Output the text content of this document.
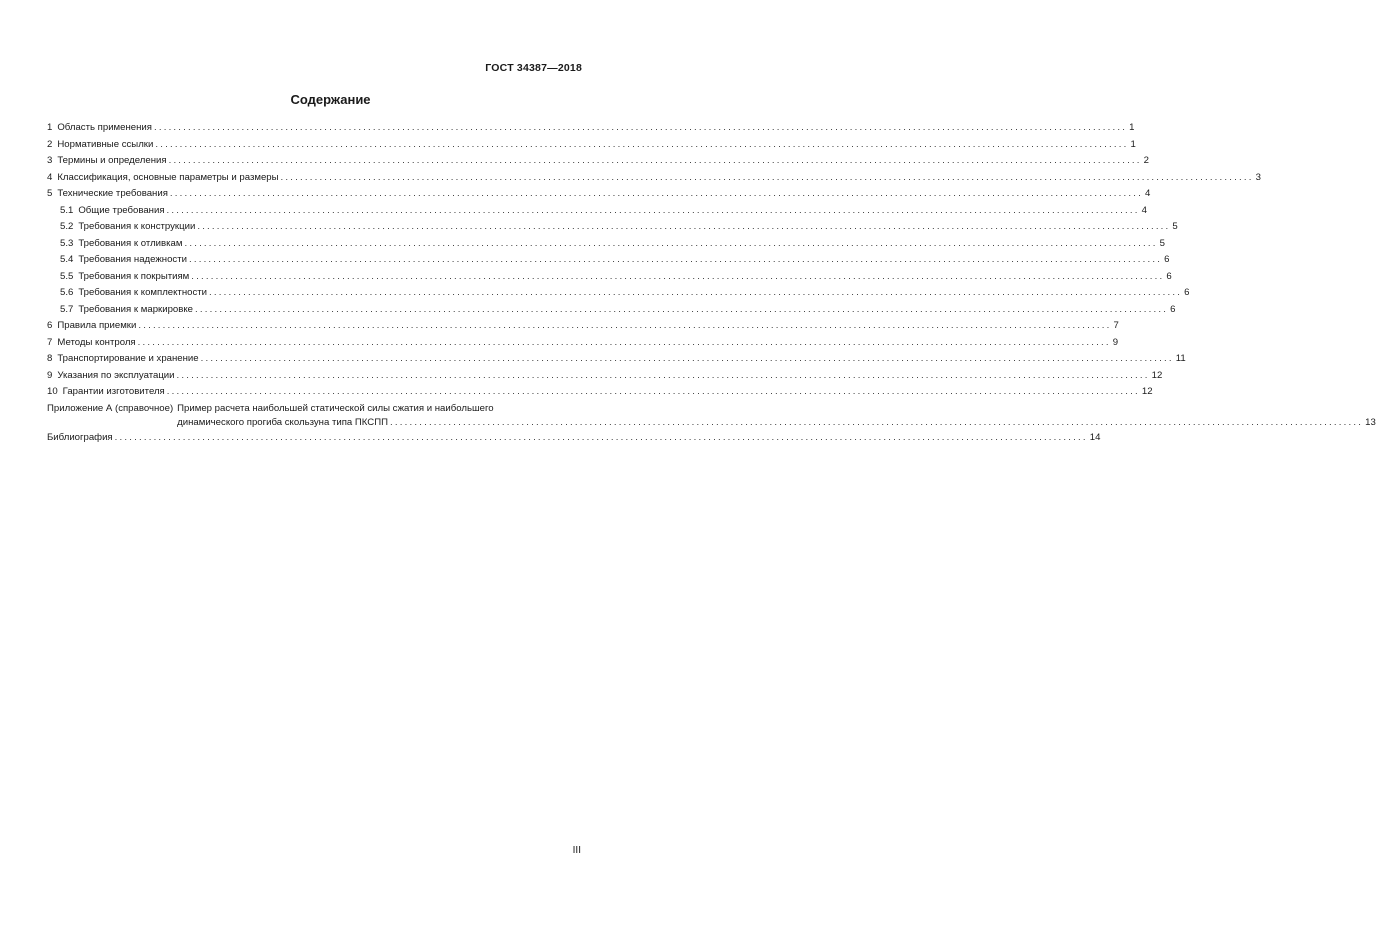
ГОСТ 34387—2018
Содержание
1 Область применения ........................................................................................................................................................................................................ 1
2 Нормативные ссылки ........................................................................................................................................................................................................ 1
3 Термины и определения ........................................................................................................................................................................................................ 2
4 Классификация, основные параметры и размеры ........................................................................................................................................................................................................ 3
5 Технические требования ........................................................................................................................................................................................................ 4
5.1 Общие требования ........................................................................................................................................................................................................ 4
5.2 Требования к конструкции ........................................................................................................................................................................................................ 5
5.3 Требования к отливкам ........................................................................................................................................................................................................ 5
5.4 Требования надежности ........................................................................................................................................................................................................ 6
5.5 Требования к покрытиям ........................................................................................................................................................................................................ 6
5.6 Требования к комплектности ........................................................................................................................................................................................................ 6
5.7 Требования к маркировке ........................................................................................................................................................................................................ 6
6 Правила приемки ........................................................................................................................................................................................................ 7
7 Методы контроля ........................................................................................................................................................................................................ 9
8 Транспортирование и хранение ........................................................................................................................................................................................................ 11
9 Указания по эксплуатации ........................................................................................................................................................................................................ 12
10 Гарантии изготовителя ........................................................................................................................................................................................................ 12
Приложение А (справочное) Пример расчета наибольшей статической силы сжатия и наибольшего
динамического прогиба скользуна типа ПКСПП ........................................................................................................................................................................................................ 13
Библиография ........................................................................................................................................................................................................ 14
III
